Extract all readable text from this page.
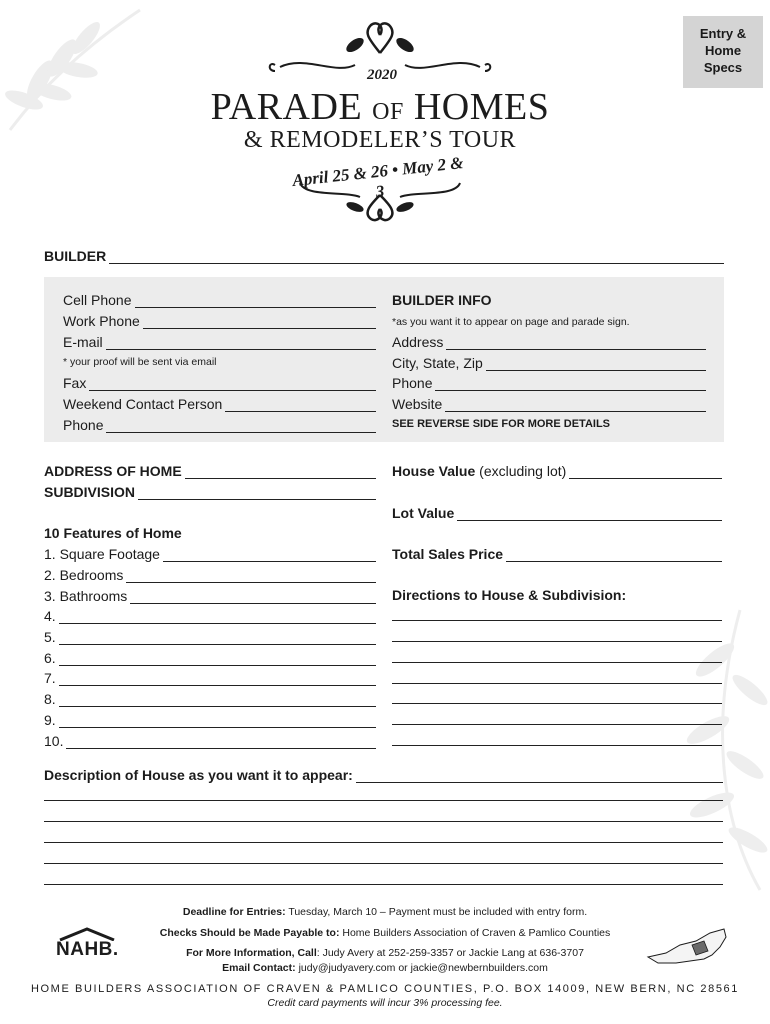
Entry &
Home
Specs
2020
PARADE OF HOMES
& REMODELER’S TOUR
April 25 & 26 • May 2 & 3
BUILDER
Cell Phone
Work Phone
E-mail
* your proof will be sent via email
Fax
Weekend Contact Person
Phone
BUILDER INFO
*as you want it to appear on page and parade sign.
Address
City, State, Zip
Phone
Website
SEE REVERSE SIDE FOR MORE DETAILS
ADDRESS OF HOME
SUBDIVISION
10 Features of Home
1. Square Footage
2. Bedrooms
3. Bathrooms
4.
5.
6.
7.
8.
9.
10.
House Value
(excluding lot)
Lot Value
Total Sales Price
Directions to House & Subdivision:
Description of House as you want it to appear:
Deadline for Entries: Tuesday, March 10 – Payment must be included with entry form.
Checks Should be Made Payable to: Home Builders Association of Craven & Pamlico Counties
For More Information, Call: Judy Avery at 252-259-3357 or Jackie Lang at 636-3707
Email Contact: judy@judyavery.com or jackie@newbernbuilders.com
HOME BUILDERS ASSOCIATION OF CRAVEN & PAMLICO COUNTIES, P.O. BOX 14009, NEW BERN, NC 28561
Credit card payments will incur 3% processing fee.
NAHB.
